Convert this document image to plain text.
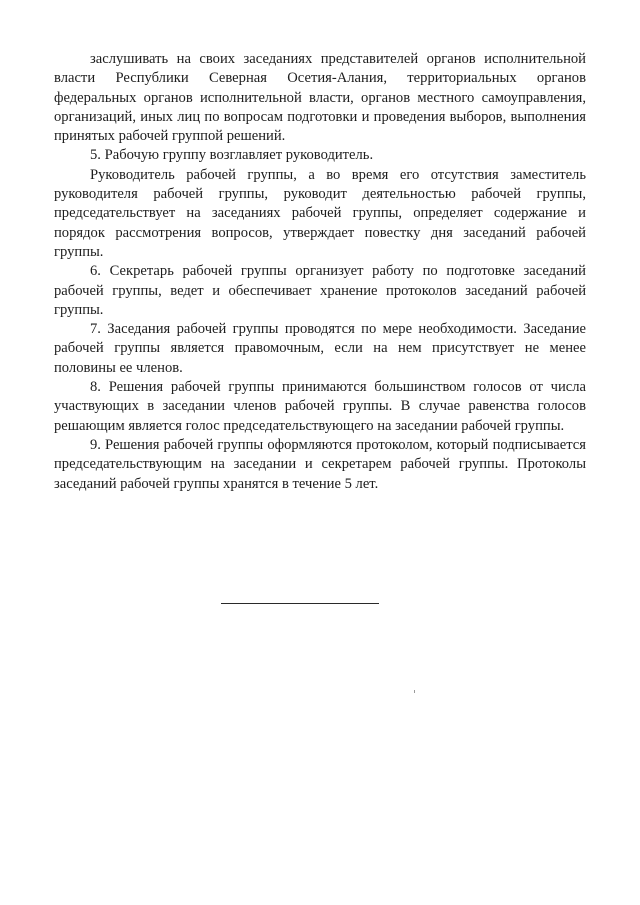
заслушивать на своих заседаниях представителей органов исполнительной власти Республики Северная Осетия-Алания, территориальных органов федеральных органов исполнительной власти, органов местного самоуправления, организаций, иных лиц по вопросам подготовки и проведения выборов, выполнения принятых рабочей группой решений.

5. Рабочую группу возглавляет руководитель.

Руководитель рабочей группы, а во время его отсутствия заместитель руководителя рабочей группы, руководит деятельностью рабочей группы, председательствует на заседаниях рабочей группы, определяет содержание и порядок рассмотрения вопросов, утверждает повестку дня заседаний рабочей группы.

6. Секретарь рабочей группы организует работу по подготовке заседаний рабочей группы, ведет и обеспечивает хранение протоколов заседаний рабочей группы.

7. Заседания рабочей группы проводятся по мере необходимости. Заседание рабочей группы является правомочным, если на нем присутствует не менее половины ее членов.

8. Решения рабочей группы принимаются большинством голосов от числа участвующих в заседании членов рабочей группы. В случае равенства голосов решающим является голос председательствующего на заседании рабочей группы.

9. Решения рабочей группы оформляются протоколом, который подписывается председательствующим на заседании и секретарем рабочей группы. Протоколы заседаний рабочей группы хранятся в течение 5 лет.
